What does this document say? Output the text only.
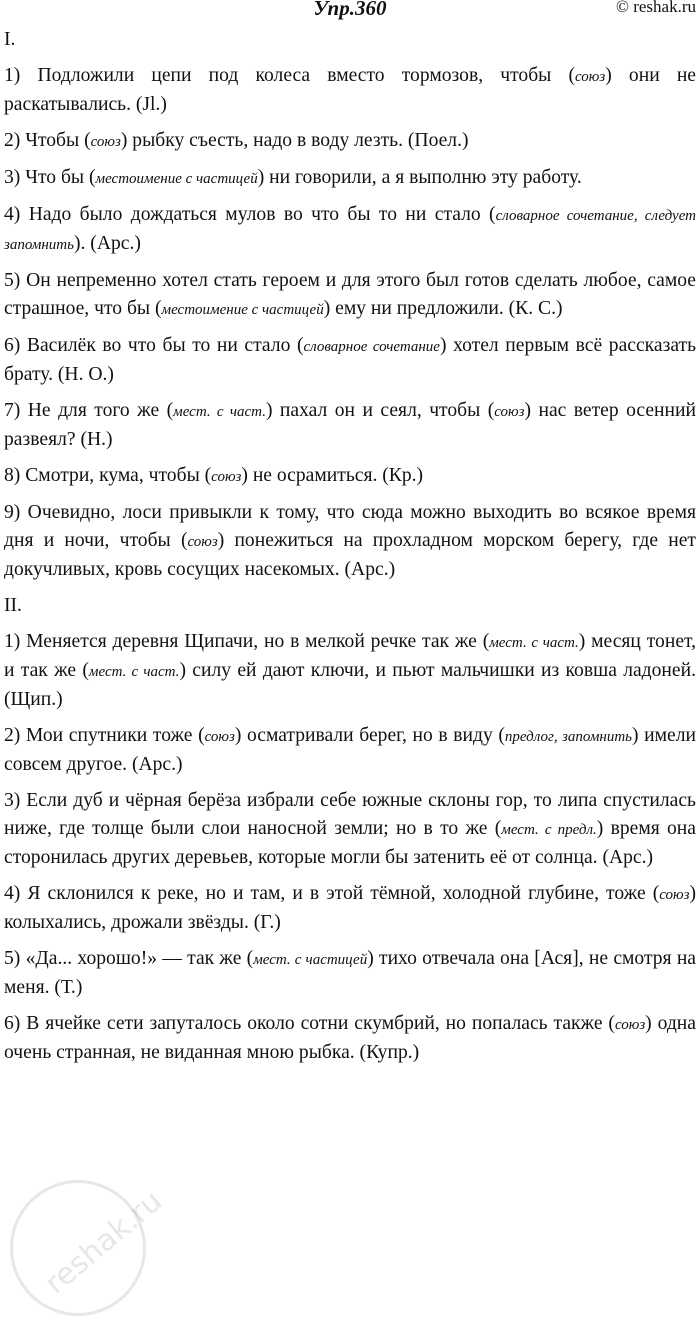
Упр.360	© reshak.ru
I.

1) Подложили цепи под колеса вместо тормозов, чтобы (союз) они не раскатывались. (Jl.)

2) Чтобы (союз) рыбку съесть, надо в воду лезть. (Поел.)

3) Что бы (местоимение с частицей) ни говорили, а я выполню эту работу.

4) Надо было дождаться мулов во что бы то ни стало (словарное сочетание, следует запомнить). (Арс.)

5) Он непременно хотел стать героем и для этого был готов сделать любое, самое страшное, что бы (местоимение с частицей) ему ни предложили. (К. С.)

6) Василёк во что бы то ни стало (словарное сочетание) хотел первым всё рассказать брату. (Н. О.)

7) Не для того же (мест. с част.) пахал он и сеял, чтобы (союз) нас ветер осенний развеял? (Н.)

8) Смотри, кума, чтобы (союз) не осрамиться. (Кр.)

9) Очевидно, лоси привыкли к тому, что сюда можно выходить во всякое время дня и ночи, чтобы (союз) понежиться на прохладном морском берегу, где нет докучливых, кровь сосущих насекомых. (Арс.)

II.

1) Меняется деревня Щипачи, но в мелкой речке так же (мест. с част.) месяц тонет, и так же (мест. с част.) силу ей дают ключи, и пьют мальчишки из ковша ладоней. (Щип.)

2) Мои спутники тоже (союз) осматривали берег, но в виду (предлог, запомнить) имели совсем другое. (Арс.)

3) Если дуб и чёрная берёза избрали себе южные склоны гор, то липа спустилась ниже, где толще были слои наносной земли; но в то же (мест. с предл.) время она сторонилась других деревьев, которые могли бы затенить её от солнца. (Арс.)

4) Я склонился к реке, но и там, и в этой тёмной, холодной глубине, тоже (союз) колыхались, дрожали звёзды. (Г.)

5) «Да... хорошо!» — так же (мест. с частицей) тихо отвечала она [Ася], не смотря на меня. (Т.)

6) В ячейке сети запуталось около сотни скумбрий, но попалась также (союз) одна очень странная, не виданная мною рыбка. (Купр.)

reshak.ru
